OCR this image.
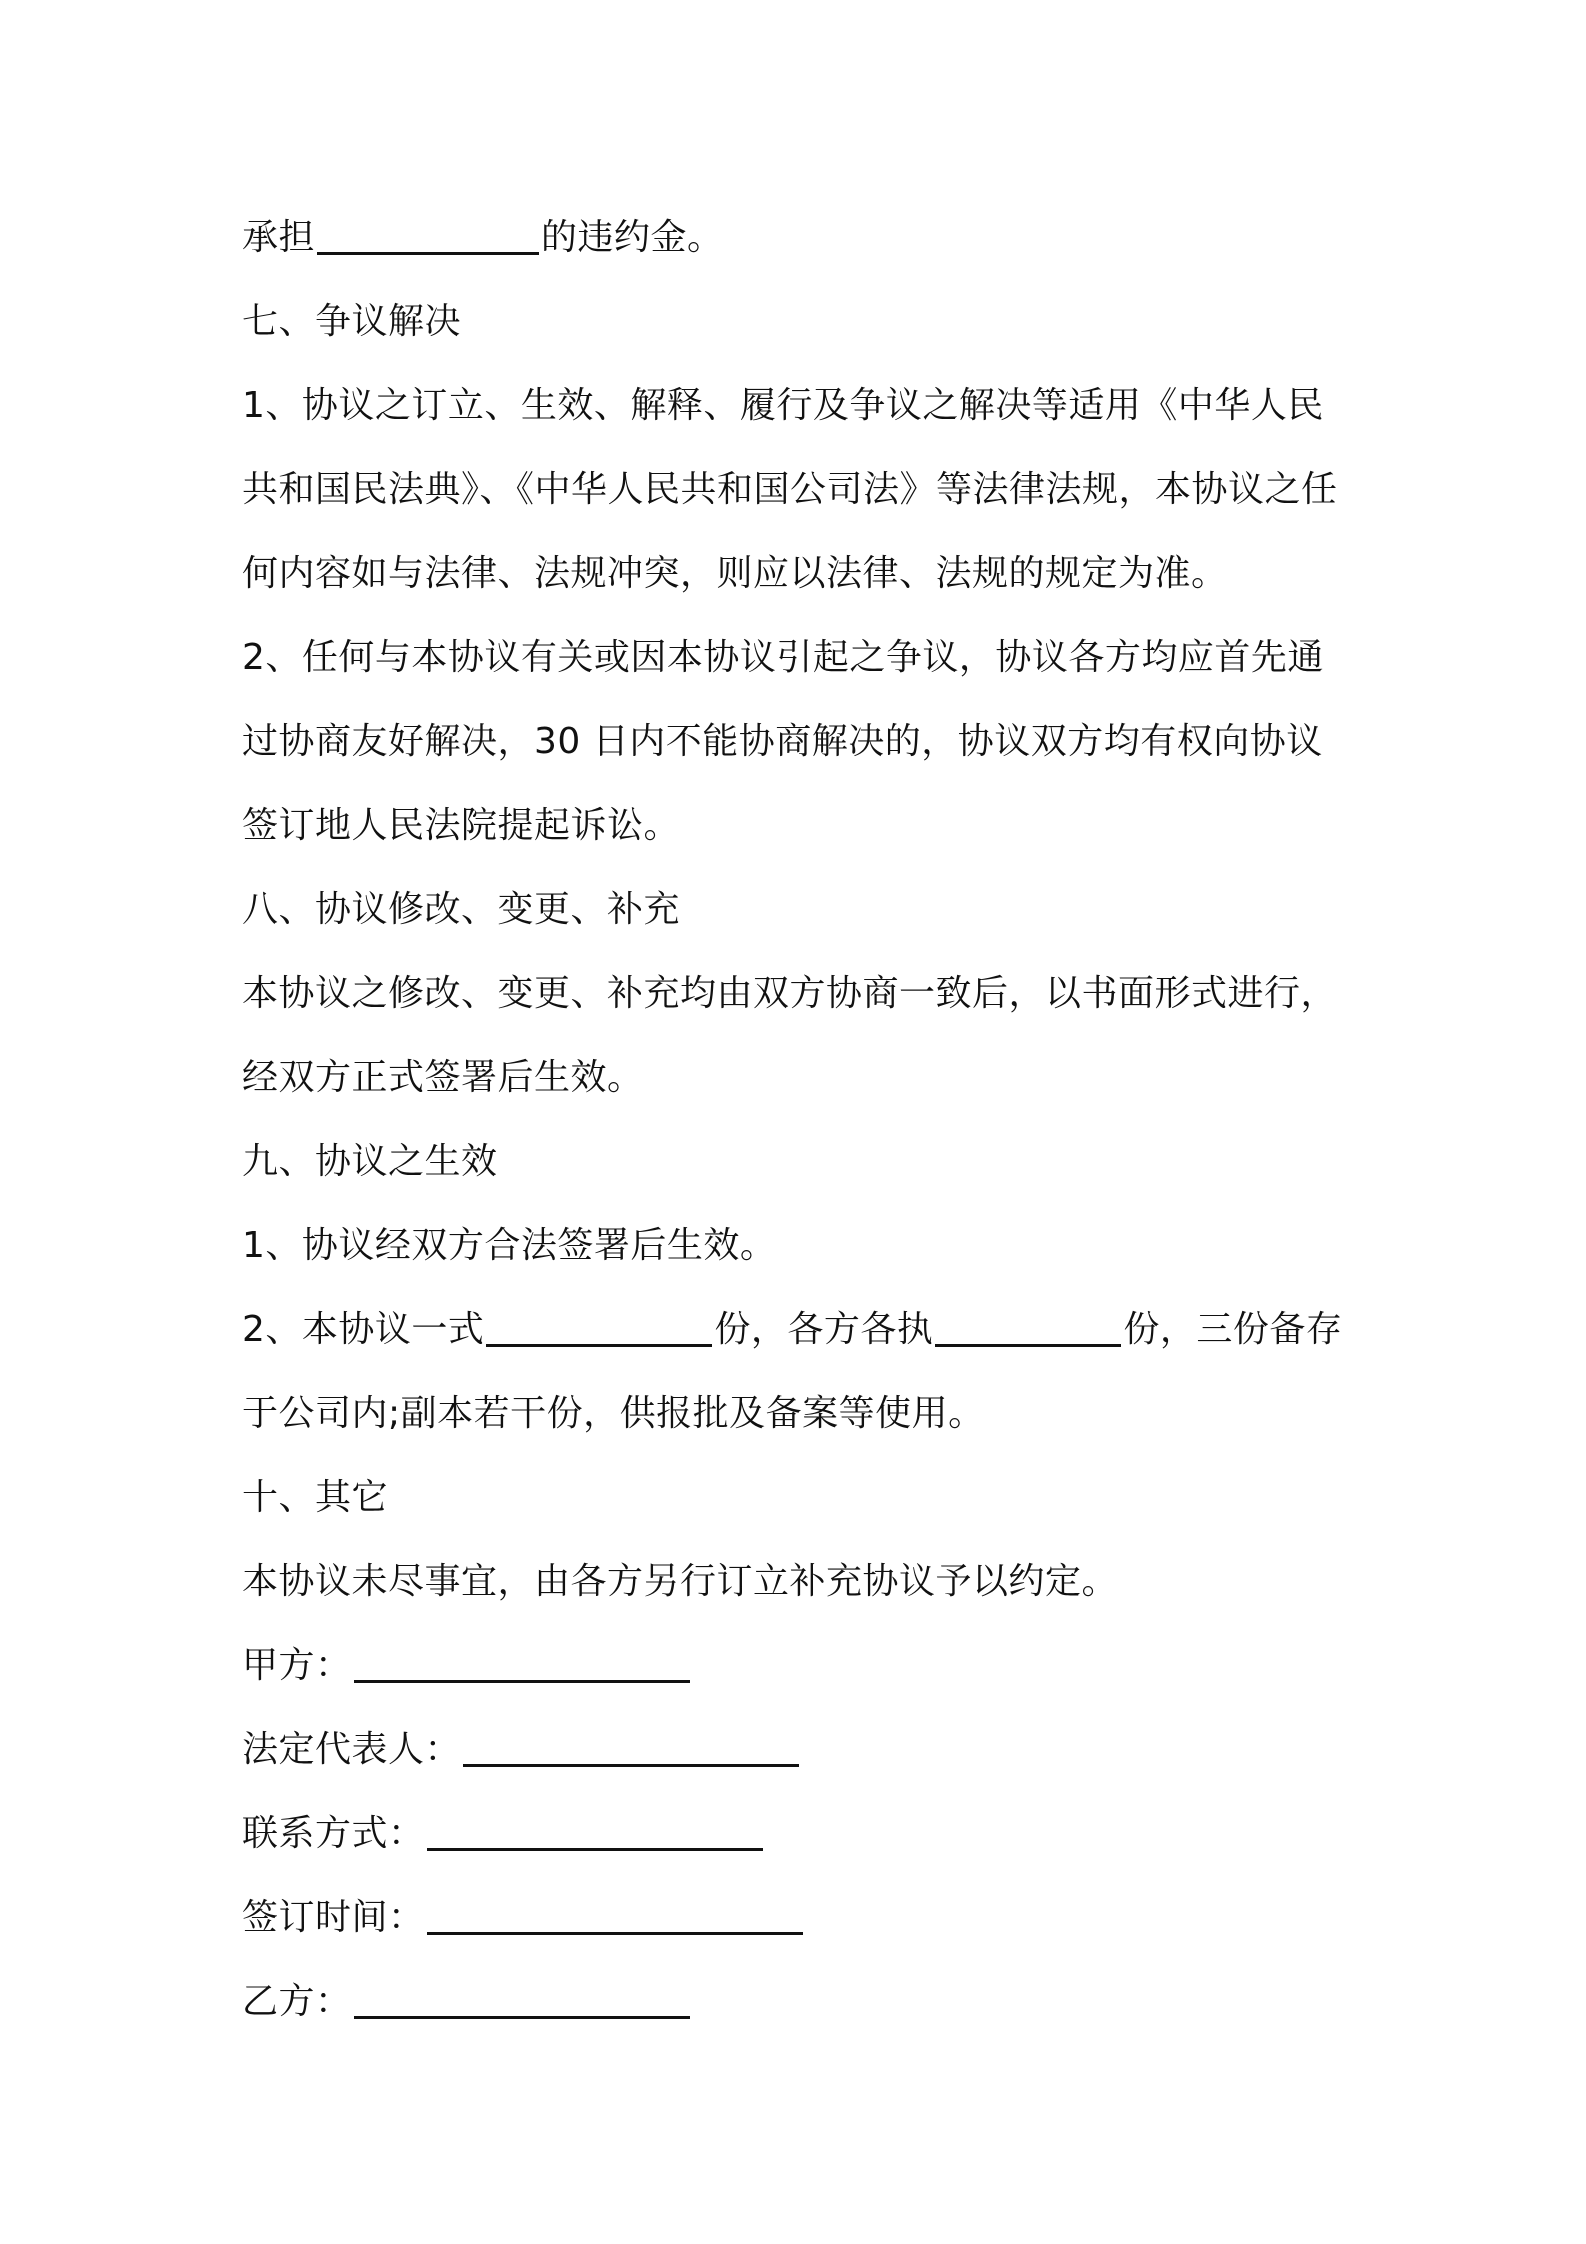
承担	的违约金。
七、争议解决
1、协议之订立、生效、解释、履行及争议之解决等适用《中华人民
共和国民法典》、《中华人民共和国公司法》等法律法规，本协议之任
何内容如与法律、法规冲突，则应以法律、法规的规定为准。
2、任何与本协议有关或因本协议引起之争议，协议各方均应首先通
过协商友好解决，30 日内不能协商解决的，协议双方均有权向协议
签订地人民法院提起诉讼。
八、协议修改、变更、补充
本协议之修改、变更、补充均由双方协商一致后，以书面形式进行，
经双方正式签署后生效。
九、协议之生效
1、协议经双方合法签署后生效。
2、本协议一式	份，各方各执	份，三份备存
于公司内;副本若干份，供报批及备案等使用。
十、其它
本协议未尽事宜，由各方另行订立补充协议予以约定。
甲方：
法定代表人：
联系方式：
签订时间：
乙方：
